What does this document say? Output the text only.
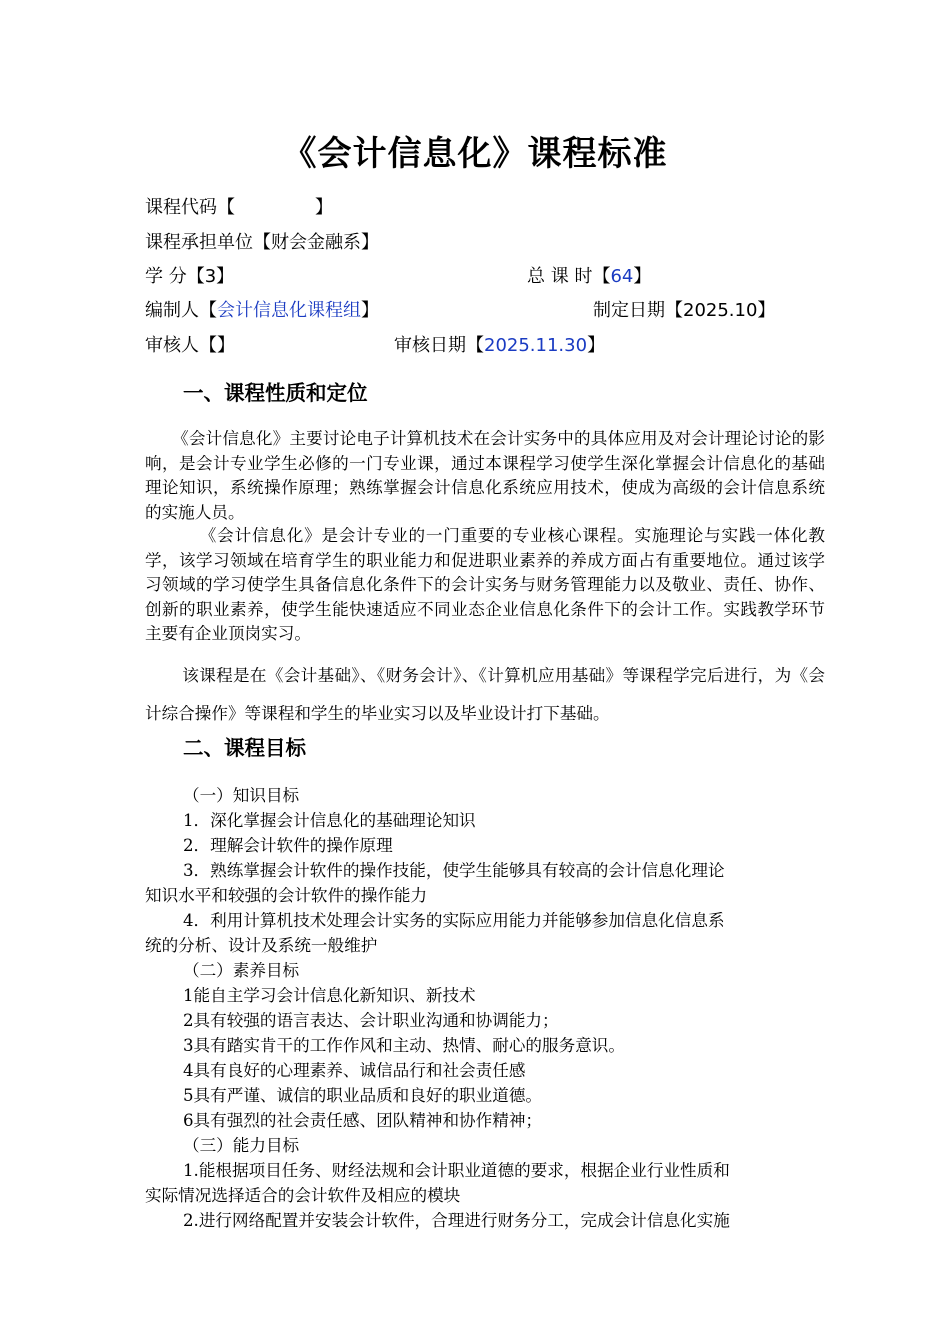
《会计信息化》课程标准
课程代码【	】
课程承担单位【财会金融系】
学 分【3】	总 课 时【64】
编制人【会计信息化课程组】	制定日期【2025.10】
审核人【】	审核日期【2025.11.30】
一、课程性质和定位
《会计信息化》主要讨论电子计算机技术在会计实务中的具体应用及对会计理论讨论的影响，是会计专业学生必修的一门专业课，通过本课程学习使学生深化掌握会计信息化的基础理论知识，系统操作原理；熟练掌握会计信息化系统应用技术，使成为高级的会计信息系统的实施人员。
《会计信息化》是会计专业的一门重要的专业核心课程。实施理论与实践一体化教学，该学习领域在培育学生的职业能力和促进职业素养的养成方面占有重要地位。通过该学习领域的学习使学生具备信息化条件下的会计实务与财务管理能力以及敬业、责任、协作、创新的职业素养，使学生能快速适应不同业态企业信息化条件下的会计工作。实践教学环节主要有企业顶岗实习。
该课程是在《会计基础》、《财务会计》、《计算机应用基础》等课程学完后进行，为《会计综合操作》等课程和学生的毕业实习以及毕业设计打下基础。
二、课程目标
（一）知识目标
1．深化掌握会计信息化的基础理论知识
2．理解会计软件的操作原理
3．熟练掌握会计软件的操作技能，使学生能够具有较高的会计信息化理论
知识水平和较强的会计软件的操作能力
4．利用计算机技术处理会计实务的实际应用能力并能够参加信息化信息系
统的分析、设计及系统一般维护
（二）素养目标
1能自主学习会计信息化新知识、新技术
2具有较强的语言表达、会计职业沟通和协调能力；
3具有踏实肯干的工作作风和主动、热情、耐心的服务意识。
4具有良好的心理素养、诚信品行和社会责任感
5具有严谨、诚信的职业品质和良好的职业道德。
6具有强烈的社会责任感、团队精神和协作精神；
（三）能力目标
1.能根据项目任务、财经法规和会计职业道德的要求，根据企业行业性质和
实际情况选择适合的会计软件及相应的模块
2.进行网络配置并安装会计软件，合理进行财务分工，完成会计信息化实施
